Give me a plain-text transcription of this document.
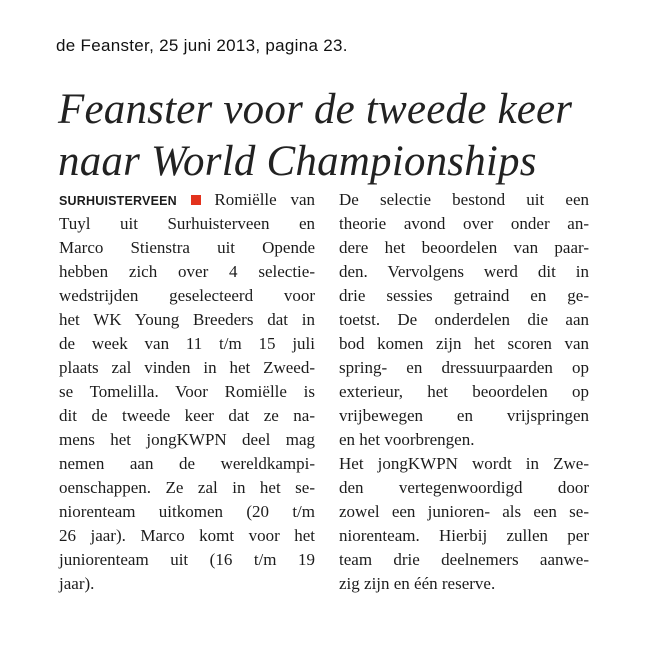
de Feanster, 25 juni 2013, pagina 23.
Feanster voor de tweede keer
naar World Championships
SURHUISTERVEEN Romiëlle van
Tuyl uit Surhuisterveen en
Marco Stienstra uit Opende
hebben zich over 4 selectie-
wedstrijden geselecteerd voor
het WK Young Breeders dat in
de week van 11 t/m 15 juli
plaats zal vinden in het Zweed-
se Tomelilla. Voor Romiëlle is
dit de tweede keer dat ze na-
mens het jongKWPN deel mag
nemen aan de wereldkampi-
oenschappen. Ze zal in het se-
niorenteam uitkomen (20 t/m
26 jaar). Marco komt voor het
juniorenteam uit (16 t/m 19
jaar).
De selectie bestond uit een
theorie avond over onder an-
dere het beoordelen van paar-
den. Vervolgens werd dit in
drie sessies getraind en ge-
toetst. De onderdelen die aan
bod komen zijn het scoren van
spring- en dressuurpaarden op
exterieur, het beoordelen op
vrijbewegen en vrijspringen
en het voorbrengen.
Het jongKWPN wordt in Zwe-
den vertegenwoordigd door
zowel een junioren- als een se-
niorenteam. Hierbij zullen per
team drie deelnemers aanwe-
zig zijn en één reserve.
